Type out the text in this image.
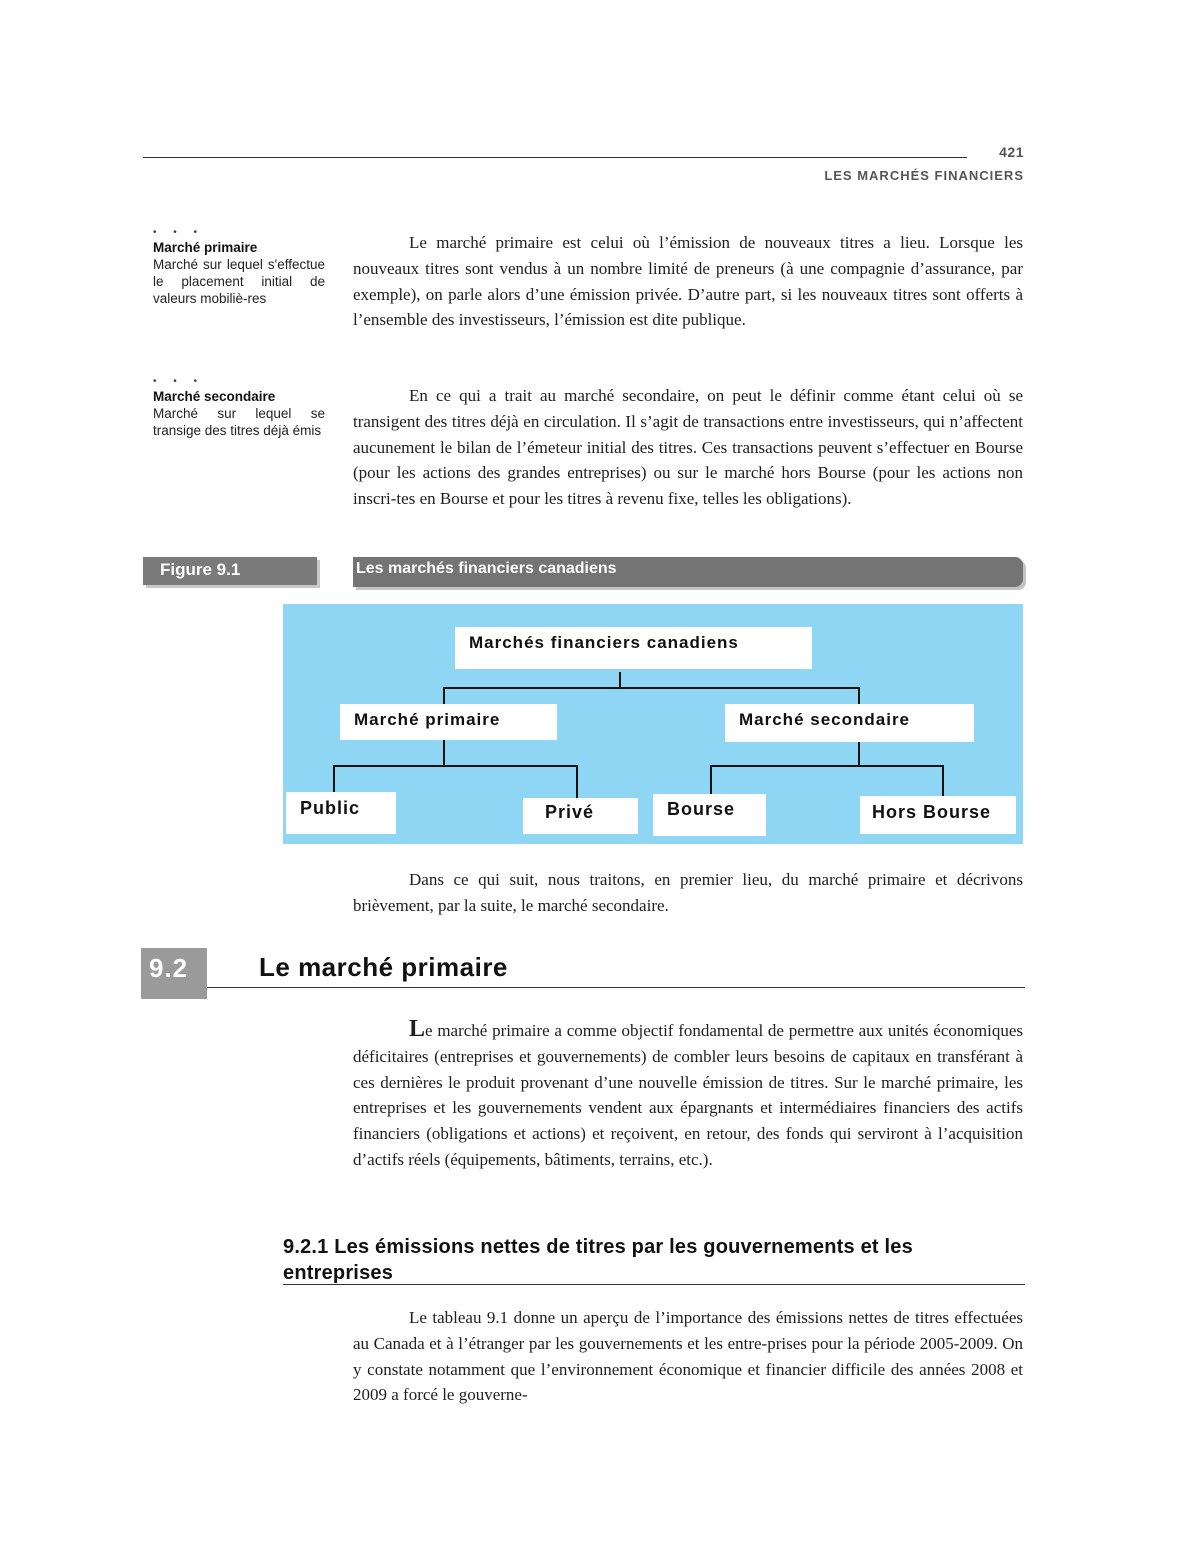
421
LES MARCHÉS FINANCIERS
• • •
Marché primaire
Marché sur lequel s'effectue le placement initial de valeurs mobiliè-res
• • •
Marché secondaire
Marché sur lequel se transige des titres déjà émis
Le marché primaire est celui où l’émission de nouveaux titres a lieu. Lorsque les nouveaux titres sont vendus à un nombre limité de preneurs (à une compagnie d’assurance, par exemple), on parle alors d’une émission privée. D’autre part, si les nouveaux titres sont offerts à l’ensemble des investisseurs, l’émission est dite publique.
En ce qui a trait au marché secondaire, on peut le définir comme étant celui où se transigent des titres déjà en circulation. Il s’agit de transactions entre investisseurs, qui n’affectent aucunement le bilan de l’émeteur initial des titres. Ces transactions peuvent s’effectuer en Bourse (pour les actions des grandes entreprises) ou sur le marché hors Bourse (pour les actions non inscri-tes en Bourse et pour les titres à revenu fixe, telles les obligations).
Figure 9.1	Les marchés financiers canadiens
Marchés financiers canadiens
Marché primaire	Marché secondaire
Public	Privé	Bourse	Hors Bourse
Dans ce qui suit, nous traitons, en premier lieu, du marché primaire et décrivons brièvement, par la suite, le marché secondaire.
9.2	Le marché primaire
Le marché primaire a comme objectif fondamental de permettre aux unités économiques déficitaires (entreprises et gouvernements) de combler leurs besoins de capitaux en transférant à ces dernières le produit provenant d’une nouvelle émission de titres. Sur le marché primaire, les entreprises et les gouvernements vendent aux épargnants et intermédiaires financiers des actifs financiers (obligations et actions) et reçoivent, en retour, des fonds qui serviront à l’acquisition d’actifs réels (équipements, bâtiments, terrains, etc.).
9.2.1 Les émissions nettes de titres par les gouvernements et les entreprises
Le tableau 9.1 donne un aperçu de l’importance des émissions nettes de titres effectuées au Canada et à l’étranger par les gouvernements et les entre-prises pour la période 2005-2009. On y constate notamment que l’environnement économique et financier difficile des années 2008 et 2009 a forcé le gouverne-
